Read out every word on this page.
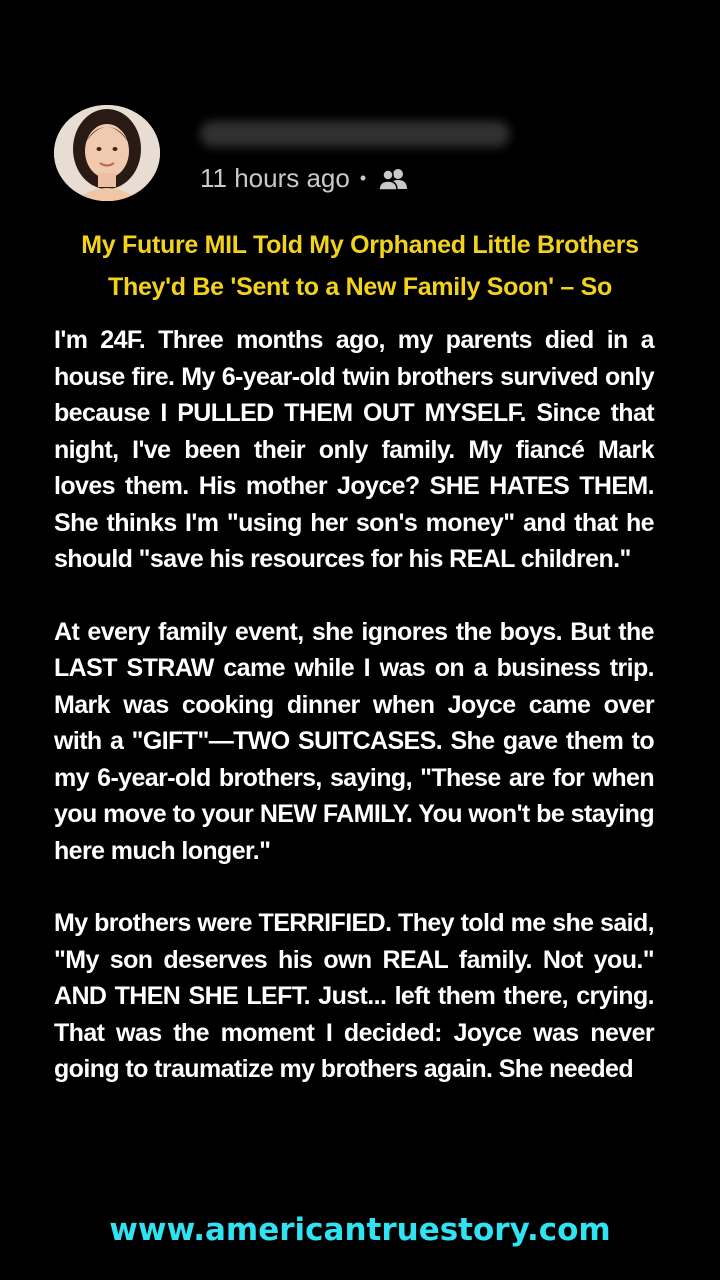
11 hours ago •
My Future MIL Told My Orphaned Little Brothers They'd Be 'Sent to a New Family Soon' – So

I'm 24F. Three months ago, my parents died in a house fire. My 6-year-old twin brothers survived only because I PULLED THEM OUT MYSELF. Since that night, I've been their only family. My fiancé Mark loves them. His mother Joyce? SHE HATES THEM. She thinks I'm "using her son's money" and that he should "save his resources for his REAL children."

At every family event, she ignores the boys. But the LAST STRAW came while I was on a business trip. Mark was cooking dinner when Joyce came over with a "GIFT"—TWO SUITCASES. She gave them to my 6-year-old brothers, saying, "These are for when you move to your NEW FAMILY. You won't be staying here much longer."

My brothers were TERRIFIED. They told me she said, "My son deserves his own REAL family. Not you." AND THEN SHE LEFT. Just... left them there, crying. That was the moment I decided: Joyce was never going to traumatize my brothers again. She needed

www.americantruestory.com
